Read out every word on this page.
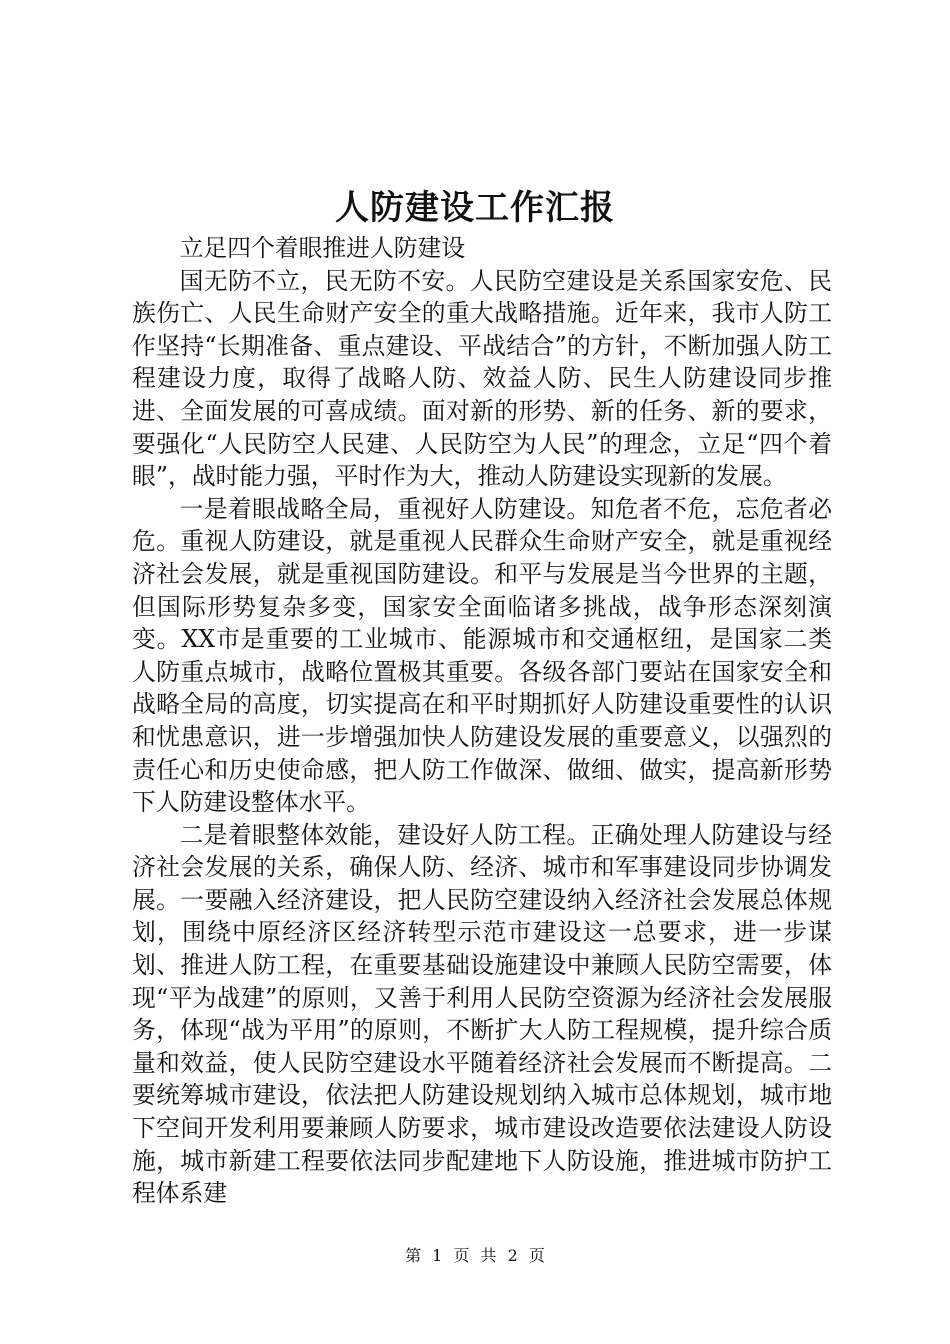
人防建设工作汇报

立足四个着眼推进人防建设

国无防不立，民无防不安。人民防空建设是关系国家安危、民族伤亡、人民生命财产安全的重大战略措施。近年来，我市人防工作坚持“长期准备、重点建设、平战结合”的方针，不断加强人防工程建设力度，取得了战略人防、效益人防、民生人防建设同步推进、全面发展的可喜成绩。面对新的形势、新的任务、新的要求，要强化“人民防空人民建、人民防空为人民”的理念，立足“四个着眼”，战时能力强，平时作为大，推动人防建设实现新的发展。

一是着眼战略全局，重视好人防建设。知危者不危，忘危者必危。重视人防建设，就是重视人民群众生命财产安全，就是重视经济社会发展，就是重视国防建设。和平与发展是当今世界的主题，但国际形势复杂多变，国家安全面临诸多挑战，战争形态深刻演变。XX市是重要的工业城市、能源城市和交通枢纽，是国家二类人防重点城市，战略位置极其重要。各级各部门要站在国家安全和战略全局的高度，切实提高在和平时期抓好人防建设重要性的认识和忧患意识，进一步增强加快人防建设发展的重要意义，以强烈的责任心和历史使命感，把人防工作做深、做细、做实，提高新形势下人防建设整体水平。

二是着眼整体效能，建设好人防工程。正确处理人防建设与经济社会发展的关系，确保人防、经济、城市和军事建设同步协调发展。一要融入经济建设，把人民防空建设纳入经济社会发展总体规划，围绕中原经济区经济转型示范市建设这一总要求，进一步谋划、推进人防工程，在重要基础设施建设中兼顾人民防空需要，体现“平为战建”的原则，又善于利用人民防空资源为经济社会发展服务，体现“战为平用”的原则，不断扩大人防工程规模，提升综合质量和效益，使人民防空建设水平随着经济社会发展而不断提高。二要统筹城市建设，依法把人防建设规划纳入城市总体规划，城市地下空间开发利用要兼顾人防要求，城市建设改造要依法建设人防设施，城市新建工程要依法同步配建地下人防设施，推进城市防护工程体系建

第 1 页 共 2 页
